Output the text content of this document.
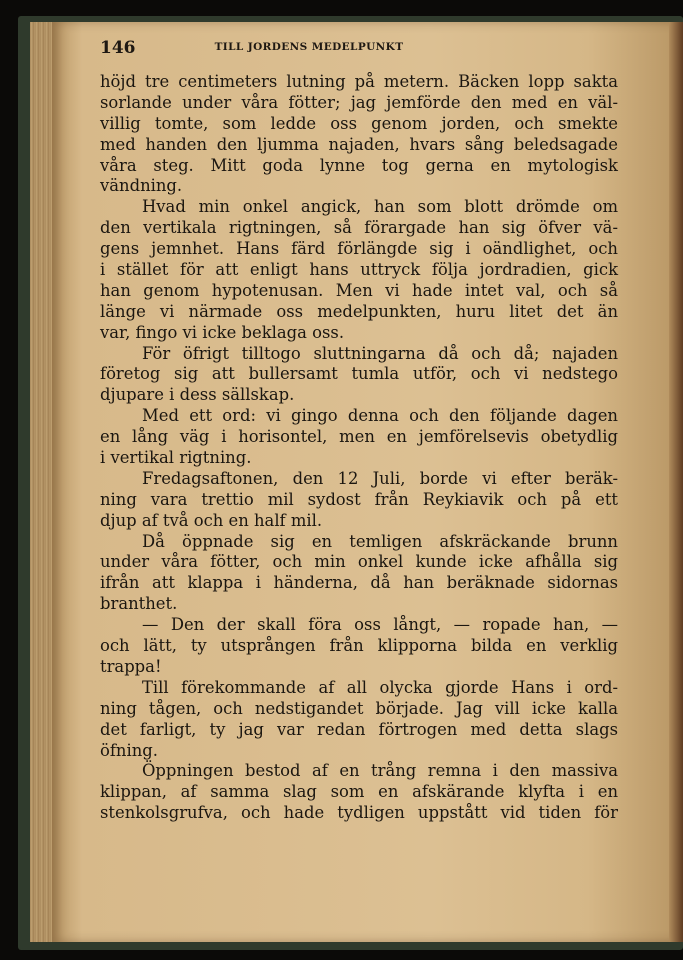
146	TILL JORDENS MEDELPUNKT
höjd tre centimeters lutning på metern. Bäcken lopp sakta
sorlande under våra fötter; jag jemförde den med en väl-
villig tomte, som ledde oss genom jorden, och smekte
med handen den ljumma najaden, hvars sång beledsagade
våra steg. Mitt goda lynne tog gerna en mytologisk
vändning.
Hvad min onkel angick, han som blott drömde om
den vertikala rigtningen, så förargade han sig öfver vä-
gens jemnhet. Hans färd förlängde sig i oändlighet, och
i stället för att enligt hans uttryck följa jordradien, gick
han genom hypotenusan. Men vi hade intet val, och så
länge vi närmade oss medelpunkten, huru litet det än
var, fingo vi icke beklaga oss.
För öfrigt tilltogo sluttningarna då och då; najaden
företog sig att bullersamt tumla utför, och vi nedstego
djupare i dess sällskap.
Med ett ord: vi gingo denna och den följande dagen
en lång väg i horisontel, men en jemförelsevis obetydlig
i vertikal rigtning.
Fredagsaftonen, den 12 Juli, borde vi efter beräk-
ning vara trettio mil sydost från Reykiavik och på ett
djup af två och en half mil.
Då öppnade sig en temligen afskräckande brunn
under våra fötter, och min onkel kunde icke afhålla sig
ifrån att klappa i händerna, då han beräknade sidornas
branthet.
— Den der skall föra oss långt, — ropade han, —
och lätt, ty utsprången från klipporna bilda en verklig
trappa!
Till förekommande af all olycka gjorde Hans i ord-
ning tågen, och nedstigandet började. Jag vill icke kalla
det farligt, ty jag var redan förtrogen med detta slags
öfning.
Öppningen bestod af en trång remna i den massiva
klippan, af samma slag som en afskärande klyfta i en
stenkolsgrufva, och hade tydligen uppstått vid tiden för
